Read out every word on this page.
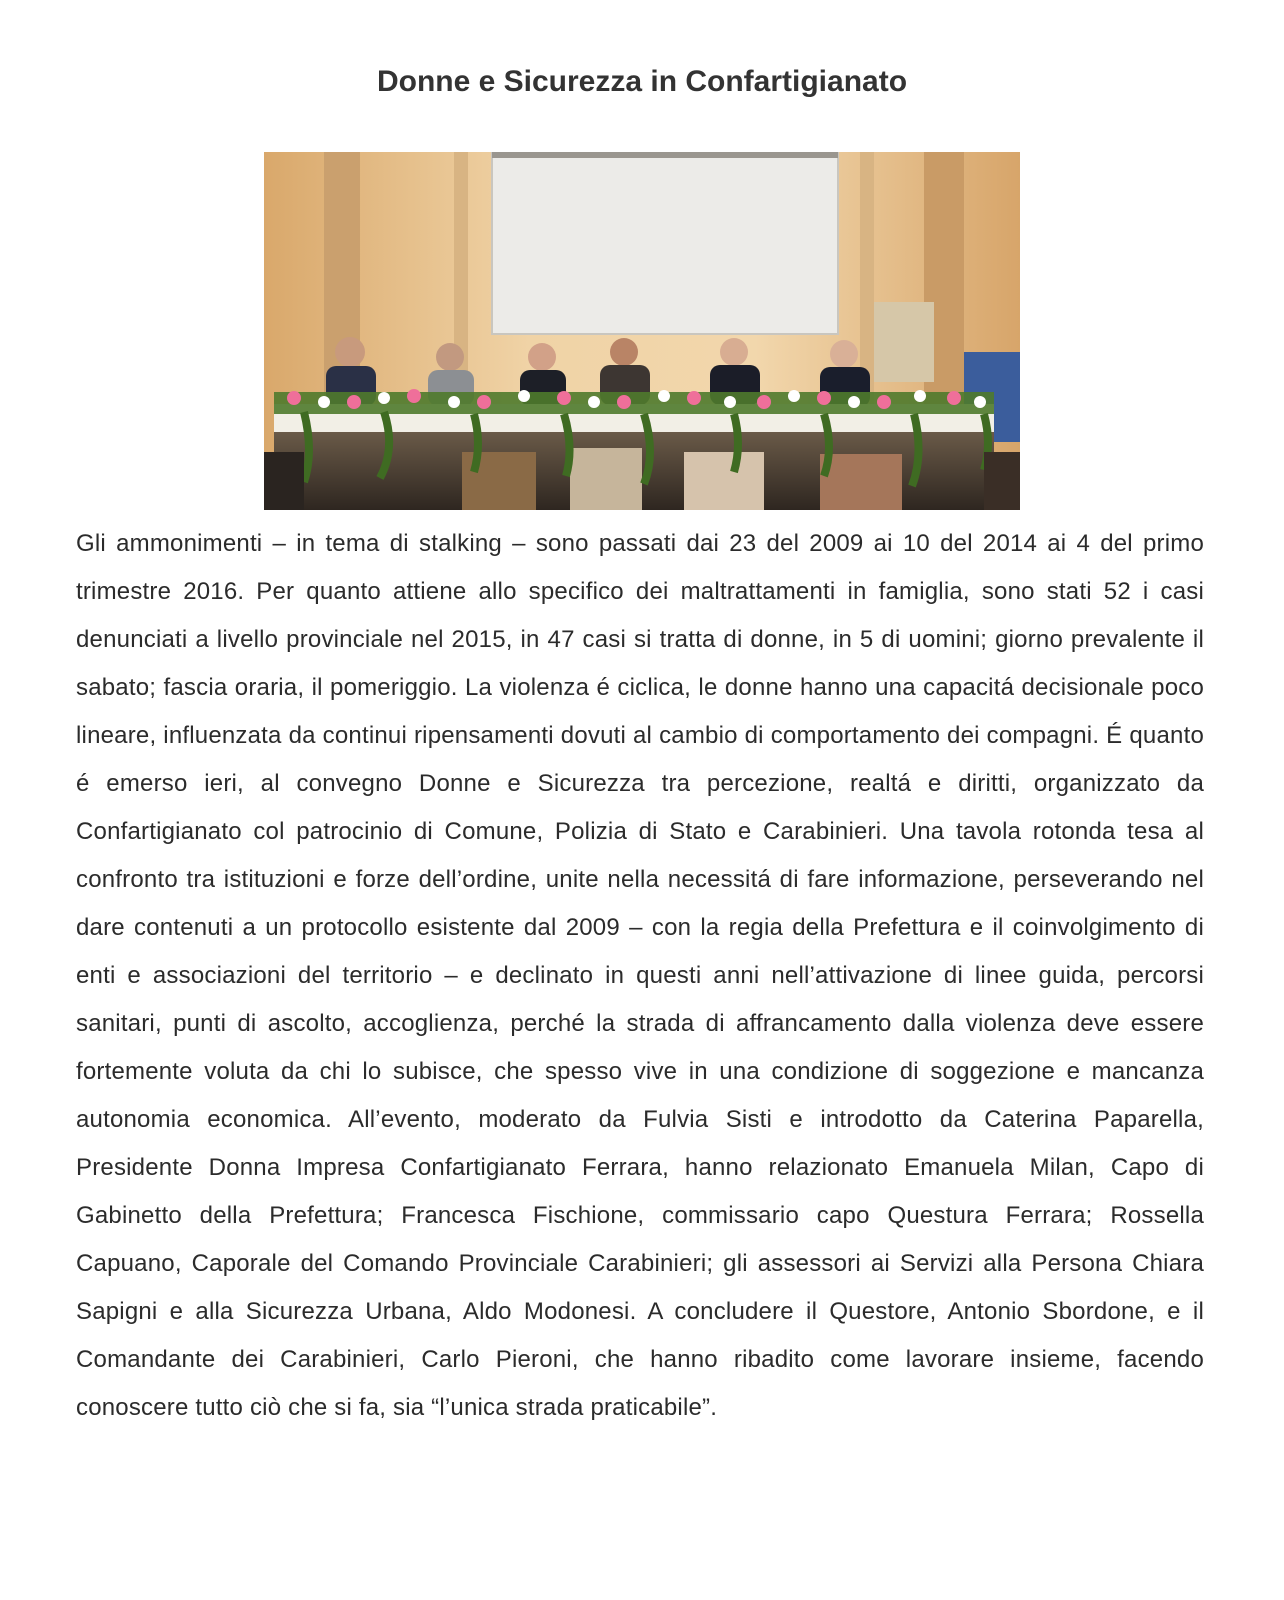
Donne e Sicurezza in Confartigianato

Gli ammonimenti – in tema di stalking – sono passati dai 23 del 2009 ai 10 del 2014 ai 4 del primo trimestre 2016. Per quanto attiene allo specifico dei maltrattamenti in famiglia, sono stati 52 i casi denunciati a livello provinciale nel 2015, in 47 casi si tratta di donne, in 5 di uomini; giorno prevalente il sabato; fascia oraria, il pomeriggio. La violenza é ciclica, le donne hanno una capacitá decisionale poco lineare, influenzata da continui ripensamenti dovuti al cambio di comportamento dei compagni. É quanto é emerso ieri, al convegno Donne e Sicurezza tra percezione, realtá e diritti, organizzato da Confartigianato col patrocinio di Comune, Polizia di Stato e Carabinieri. Una tavola rotonda tesa al confronto tra istituzioni e forze dell’ordine, unite nella necessitá di fare informazione, perseverando nel dare contenuti a un protocollo esistente dal 2009 – con la regia della Prefettura e il coinvolgimento di enti e associazioni del territorio – e declinato in questi anni nell’attivazione di linee guida, percorsi sanitari, punti di ascolto, accoglienza, perché la strada di affrancamento dalla violenza deve essere fortemente voluta da chi lo subisce, che spesso vive in una condizione di soggezione e mancanza autonomia economica. All’evento, moderato da Fulvia Sisti e introdotto da Caterina Paparella, Presidente Donna Impresa Confartigianato Ferrara, hanno relazionato Emanuela Milan, Capo di Gabinetto della Prefettura; Francesca Fischione, commissario capo Questura Ferrara; Rossella Capuano, Caporale del Comando Provinciale Carabinieri; gli assessori ai Servizi alla Persona Chiara Sapigni e alla Sicurezza Urbana, Aldo Modonesi. A concludere il Questore, Antonio Sbordone, e il Comandante dei Carabinieri, Carlo Pieroni, che hanno ribadito come lavorare insieme, facendo conoscere tutto ciò che si fa, sia “l’unica strada praticabile”.
